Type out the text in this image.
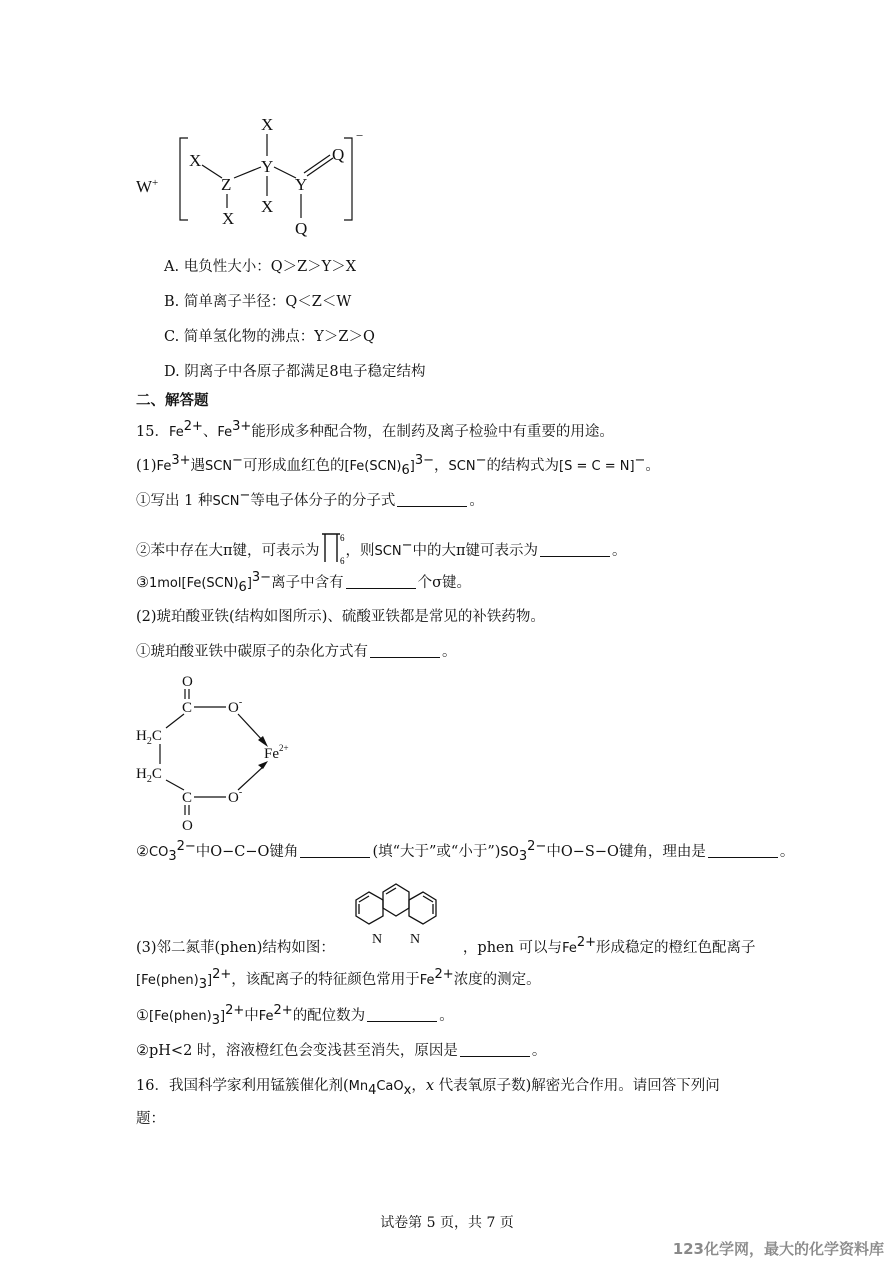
W+
X
Y
Q
X
Z	Y
X
X
Q
−
A. 电负性大小：Q＞Z＞Y＞X
B. 简单离子半径：Q＜Z＜W
C. 简单氢化物的沸点：Y＞Z＞Q
D. 阴离子中各原子都满足8电子稳定结构
二、解答题
15．$Fe^{2+}$、$Fe^{3+}$能形成多种配合物，在制药及离子检验中有重要的用途。
$(1)Fe^{3+}$遇SCN−可形成血红色的$[Fe(SCN)_6]^{3-}$，SCN−的结构式为[S = C = N]−。
①写出 1 种SCN−等电子体分子的分子式	。
②苯中存在大π键，可表示为
6
6
，则SCN−中的大π键可表示为	。
$③1mol[Fe(SCN)_6]^{3-}$离子中含有	个σ键。
(2)琥珀酸亚铁(结构如图所示)、硫酸亚铁都是常见的补铁药物。
①琥珀酸亚铁中碳原子的杂化方式有	。
O
C O-
$H_2C$
$Fe^{2+}$
$H_2C$
C O-
O
$②CO_3^{2-}$中O−C−O键角	(填“大于”或“小于$”)SO_3^{2-}$中O−S−O键角，理由是	。
N N
(3)邻二氮菲(phen)结构如图：	，phen 可以与$Fe^{2+}$形成稳定的橙红色配离子
$[Fe(phen)_3]^{2+}$，该配离子的特征颜色常用于$Fe^{2+}$浓度的测定。
$①[Fe(phen)_3]^{2+}$中$Fe^{2+}$的配位数为	。
②pH<2 时，溶液橙红色会变浅甚至消失，原因是	。
16．我国科学家利用锰簇催化剂($Mn_4CaO_x$，x 代表氧原子数)解密光合作用。请回答下列问
题：
试卷第 5 页，共 7 页
123化学网，最大的化学资料库
